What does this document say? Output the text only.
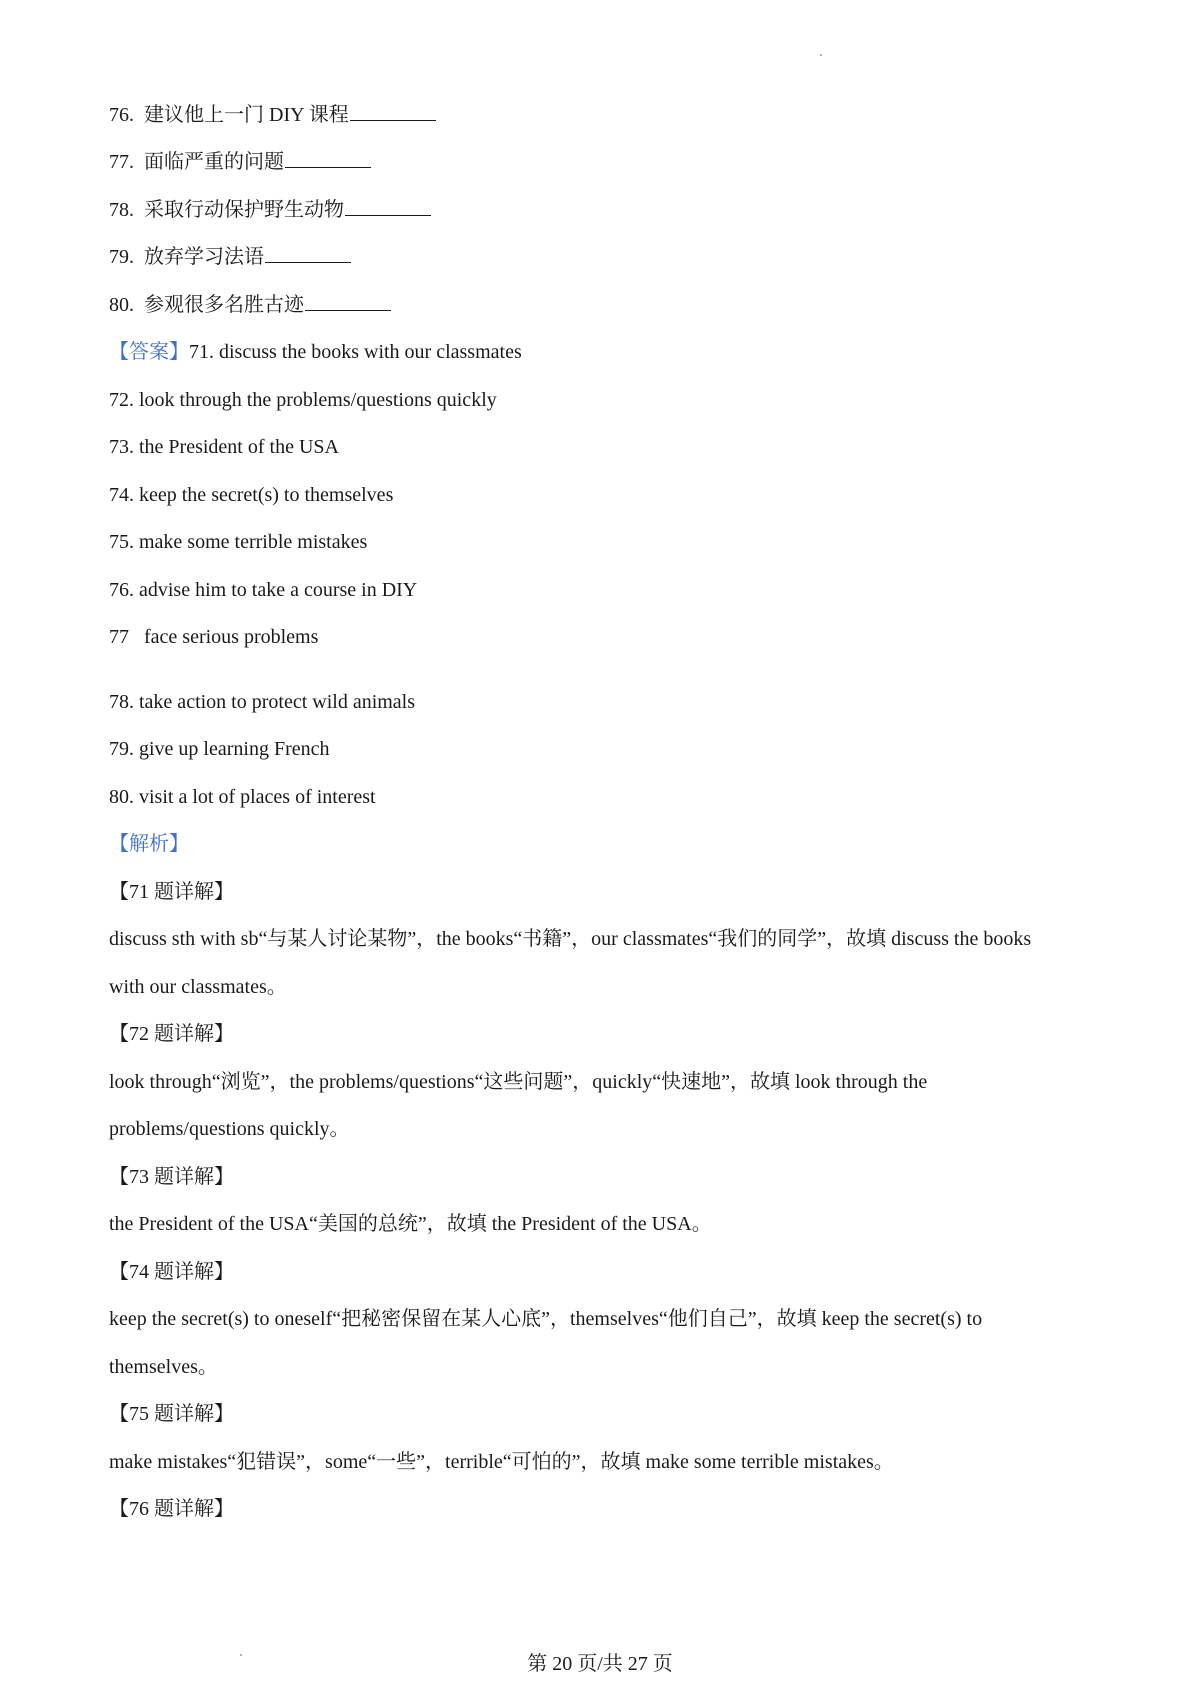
76. 建议他上一门 DIY 课程
77. 面临严重的问题
78. 采取行动保护野生动物
79. 放弃学习法语
80. 参观很多名胜古迹
【答案】71. discuss the books with our classmates
72. look through the problems/questions quickly
73. the President of the USA
74. keep the secret(s) to themselves
75. make some terrible mistakes
76. advise him to take a course in DIY
77   face serious problems
78. take action to protect wild animals
79. give up learning French
80. visit a lot of places of interest
【解析】
【71 题详解】
discuss sth with sb“与某人讨论某物”，the books“书籍”，our classmates“我们的同学”，故填 discuss the books
with our classmates。
【72 题详解】
look through“浏览”，the problems/questions“这些问题”，quickly“快速地”，故填 look through the
problems/questions quickly。
【73 题详解】
the President of the USA“美国的总统”，故填 the President of the USA。
【74 题详解】
keep the secret(s) to oneself“把秘密保留在某人心底”，themselves“他们自己”，故填 keep the secret(s) to
themselves。
【75 题详解】
make mistakes“犯错误”，some“一些”，terrible“可怕的”，故填 make some terrible mistakes。
【76 题详解】
第 20 页/共 27 页
